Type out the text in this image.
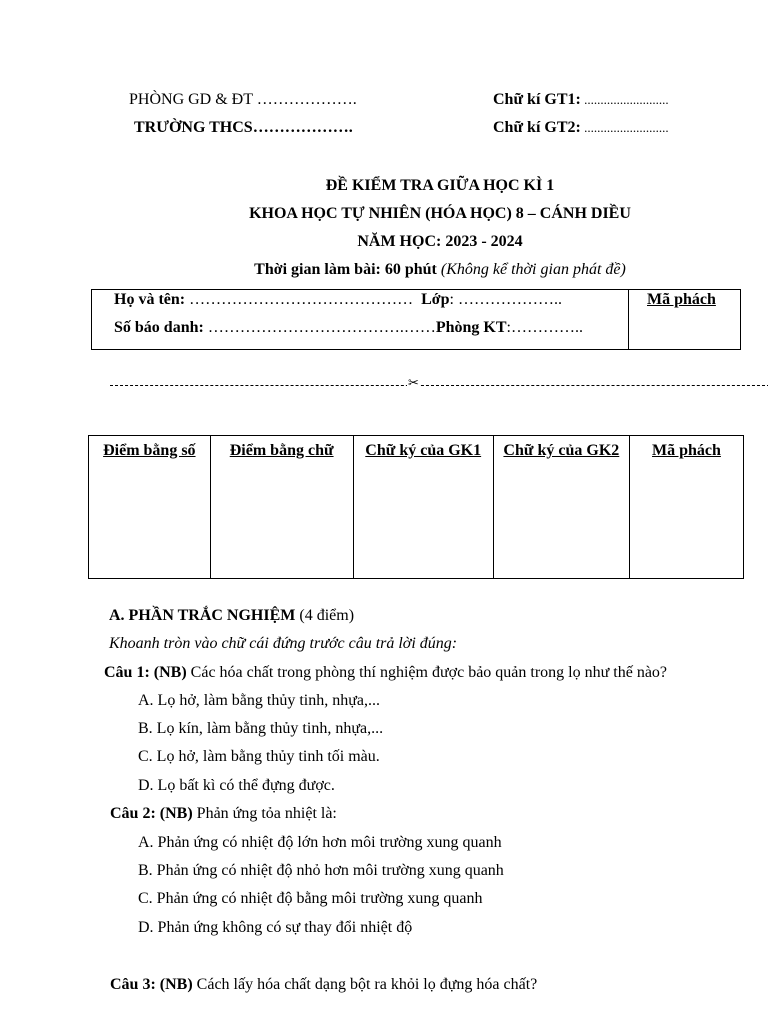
PHÒNG GD & ĐT ……………….
TRƯỜNG THCS……………….
Chữ kí GT1: ..........................
Chữ kí GT2: ..........................
ĐỀ KIỂM TRA GIỮA HỌC KÌ 1
KHOA HỌC TỰ NHIÊN (HÓA HỌC) 8 – CÁNH DIỀU
NĂM HỌC: 2023 - 2024
Thời gian làm bài: 60 phút (Không kể thời gian phát đề)
Họ và tên: …………………………………… Lớp: ………………..
Số báo danh: ……………………………….……Phòng KT:…………..
Mã phách
✂
Điểm bằng số	Điểm bằng chữ	Chữ ký của GK1	Chữ ký của GK2	Mã phách
A. PHẦN TRẮC NGHIỆM (4 điểm)
Khoanh tròn vào chữ cái đứng trước câu trả lời đúng:
Câu 1: (NB) Các hóa chất trong phòng thí nghiệm được bảo quản trong lọ như thế nào?
A. Lọ hở, làm bằng thủy tinh, nhựa,...
B. Lọ kín, làm bằng thủy tinh, nhựa,...
C. Lọ hở, làm bằng thủy tinh tối màu.
D. Lọ bất kì có thể đựng được.
Câu 2: (NB) Phản ứng tỏa nhiệt là:
A. Phản ứng có nhiệt độ lớn hơn môi trường xung quanh
B. Phản ứng có nhiệt độ nhỏ hơn môi trường xung quanh
C. Phản ứng có nhiệt độ bằng môi trường xung quanh
D. Phản ứng không có sự thay đổi nhiệt độ
Câu 3: (NB) Cách lấy hóa chất dạng bột ra khỏi lọ đựng hóa chất?
